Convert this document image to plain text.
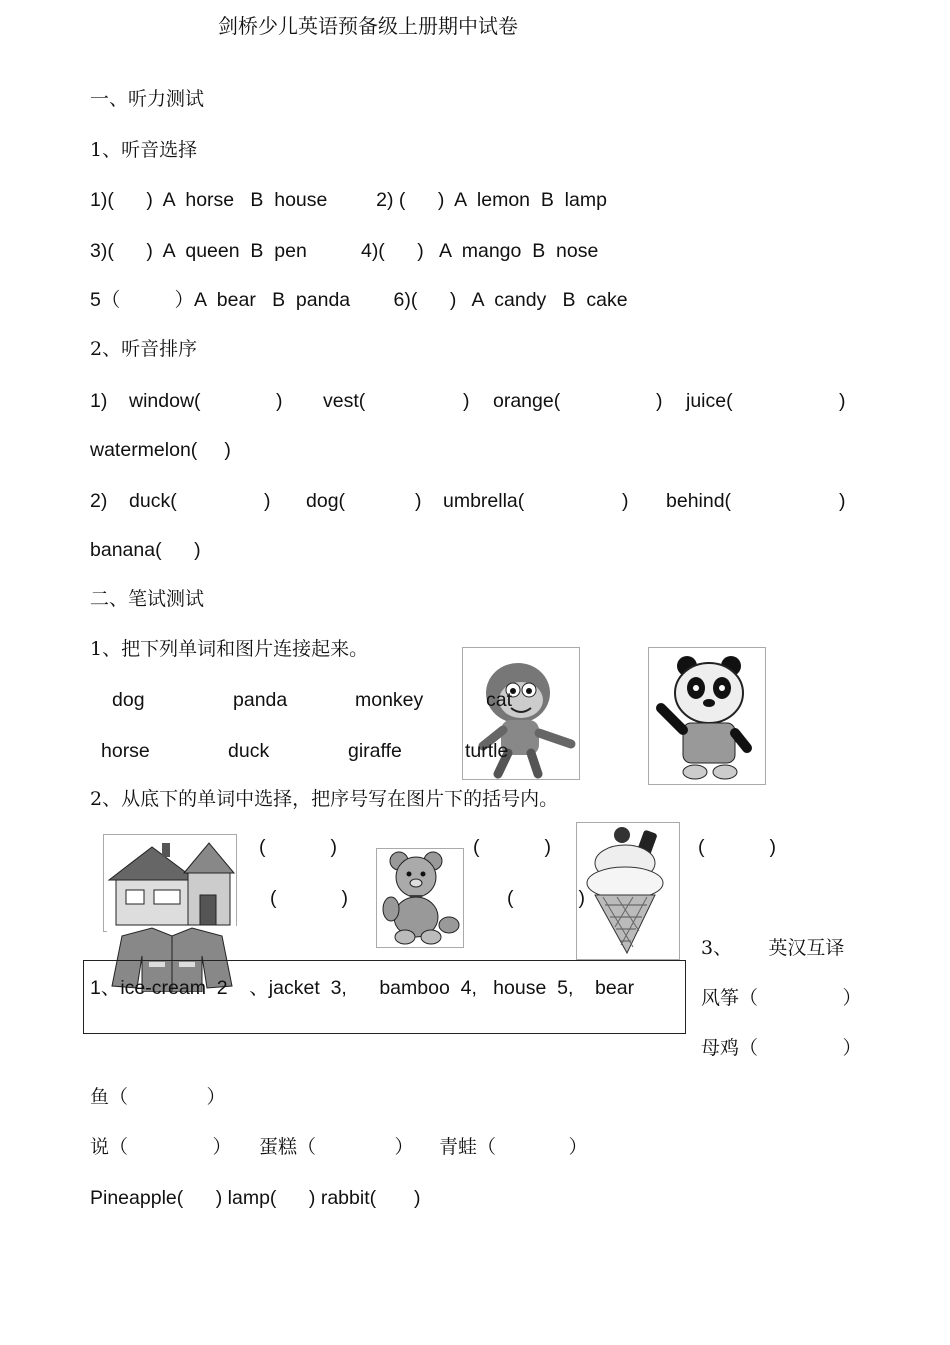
剑桥少儿英语预备级上册期中试卷
一、听力测试
1、听音选择
1)(      )  A  horse   B  house         2) (      )  A  lemon  B  lamp
3)(      )  A  queen  B  pen          4)(      )   A  mango  B  nose
5（          ）A  bear   B  panda        6)(      )   A  candy   B  cake
2、听音排序
1)    window(	) vest(	) orange(	) juice(	)
watermelon(     )
2)    duck(	) dog(	) umbrella(	) behind(	)
banana(      )
二、笔试测试
1、把下列单词和图片连接起来。
dog	panda	monkey	cat
horse	duck	giraffe	turtle
2、从底下的单词中选择，把序号写在图片下的括号内。
(            )	(            )	(            )
(            )	(            )
1、ice-cream  2    、jacket  3,      bamboo  4,   house  5,    bear
3、      英汉互译
风筝（              ）
母鸡（              ）
鱼（             ）
说（              ） 蛋糕（             ） 青蛙（            ）
Pineapple(      ) lamp(      ) rabbit(       )
